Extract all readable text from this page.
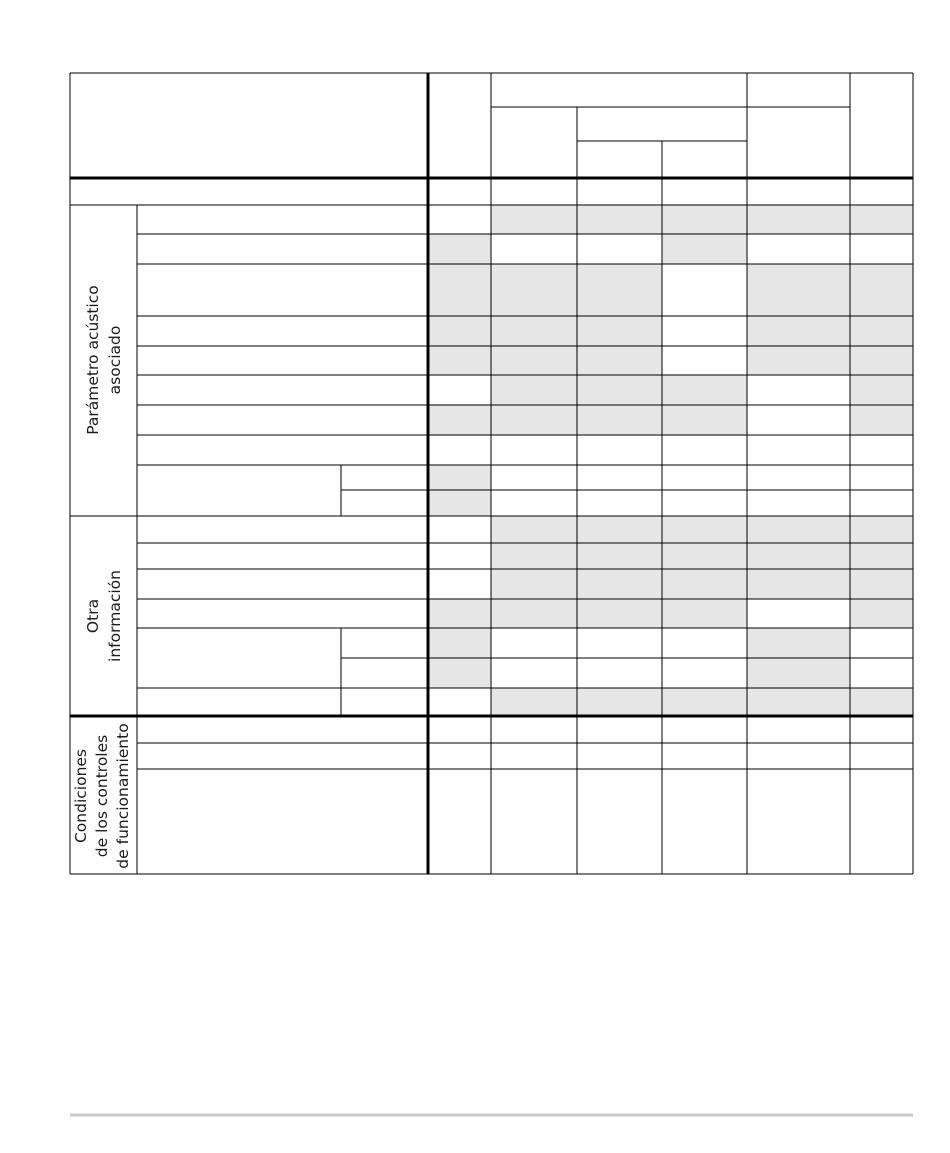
Parámetro acústico asociado
Otra información
Condiciones de los controles de funcionamiento
